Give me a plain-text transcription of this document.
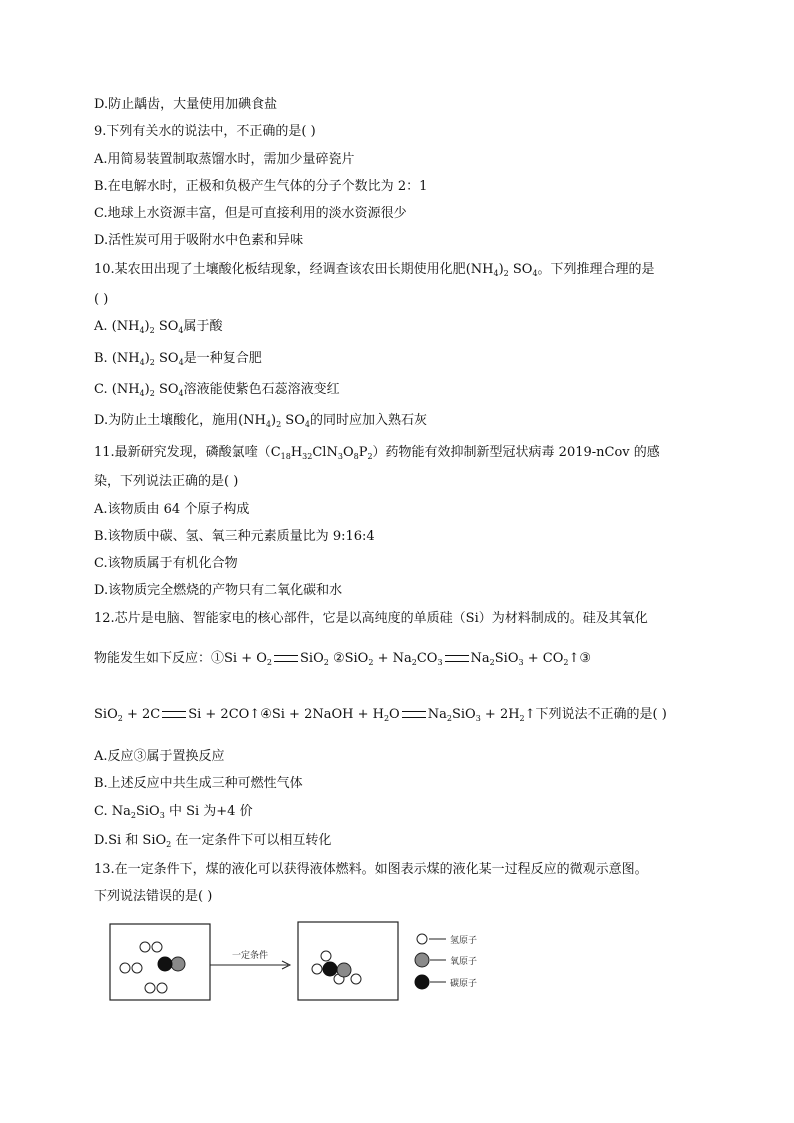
D.防止龋齿，大量使用加碘食盐
9.下列有关水的说法中，不正确的是( )
A.用简易装置制取蒸馏水时，需加少量碎瓷片
B.在电解水时，正极和负极产生气体的分子个数比为 2：1
C.地球上水资源丰富，但是可直接利用的淡水资源很少
D.活性炭可用于吸附水中色素和异味
10.某农田出现了土壤酸化板结现象，经调查该农田长期使用化肥$(NH_4)_2$ $SO_4$。下列推理合理的是
( )
A. $(NH_4)_2$ $SO_4$属于酸
B. $(NH_4)_2$ $SO_4$是一种复合肥
C. $(NH_4)_2$ $SO_4$溶液能使紫色石蕊溶液变红
D.为防止土壤酸化，施用$(NH_4)_2$ $SO_4$的同时应加入熟石灰
11.最新研究发现，磷酸氯喹$(C_{18}H_{32}ClN_3O_8P_2)$药物能有效抑制新型冠状病毒 2019-nCov 的感
染，下列说法正确的是( )
A.该物质由 64 个原子构成
B.该物质中碳、氢、氧三种元素质量比为 9:16:4
C.该物质属于有机化合物
D.该物质完全燃烧的产物只有二氧化碳和水
12.芯片是电脑、智能家电的核心部件，它是以高纯度的单质硅（Si）为材料制成的。硅及其氧化
物能发生如下反应：①Si + $O_2$ SiO$_2$ ②SiO$_2$ + $Na_2CO_3$ $Na_2SiO_3$ + $CO_2↑③$
SiO$_2$ + 2C Si + 2CO↑④Si + 2NaOH + $H_2O$ $Na_2SiO_3$ + $2H_2↑$下列说法不正确的是( )
A.反应③属于置换反应
B.上述反应中共生成三种可燃性气体
C. $Na_2SiO_3$ 中 Si 为+4 价
D.Si 和 SiO$_2$ 在一定条件下可以相互转化
13.在一定条件下，煤的液化可以获得液体燃料。如图表示煤的液化某一过程反应的微观示意图。
下列说法错误的是( )
一定条件
氢原子
氧原子
碳原子
